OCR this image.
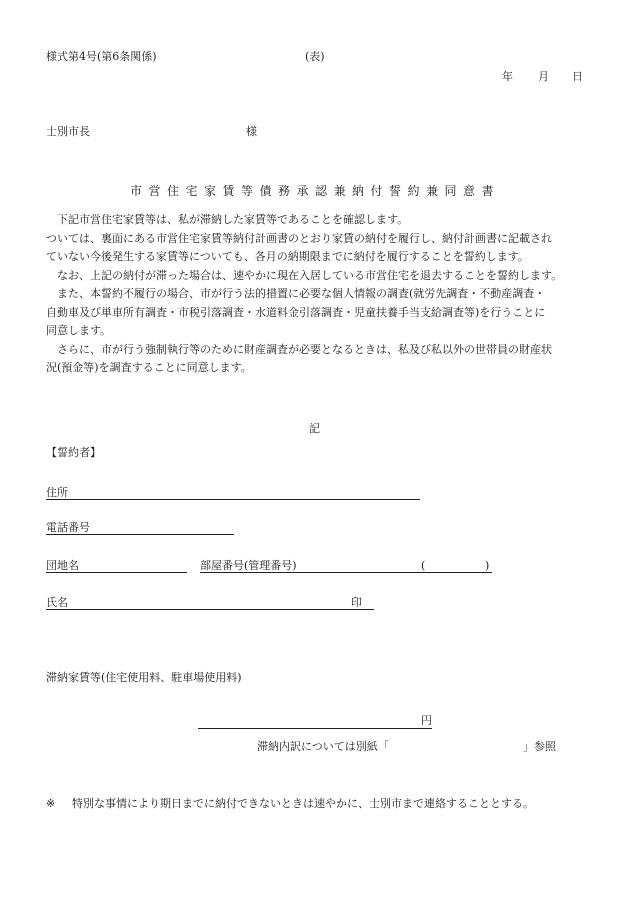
様式第4号(第6条関係)	(表)
年 月 日
士別市長	様
市営住宅家賃等債務承認兼納付誓約兼同意書
　下記市営住宅家賃等は、私が滞納した家賃等であることを確認します。
ついては、裏面にある市営住宅家賃等納付計画書のとおり家賃の納付を履行し、納付計画書に記載され
ていない今後発生する家賃等についても、各月の納期限までに納付を履行することを誓約します。
　なお、上記の納付が滞った場合は、速やかに現在入居している市営住宅を退去することを誓約します。
　また、本誓約不履行の場合、市が行う法的措置に必要な個人情報の調査(就労先調査・不動産調査・
自動車及び単車所有調査・市税引落調査・水道料金引落調査・児童扶養手当支給調査等)を行うことに
同意します。
　さらに、市が行う強制執行等のために財産調査が必要となるときは、私及び私以外の世帯員の財産状
況(預金等)を調査することに同意します。
記
【誓約者】
住所
電話番号
団地名	部屋番号(管理番号)	(	)
氏名	印
滞納家賃等(住宅使用料、駐車場使用料)
円
滞納内訳については別紙「	」参照
※ 特別な事情により期日までに納付できないときは速やかに、士別市まで連絡することとする。
